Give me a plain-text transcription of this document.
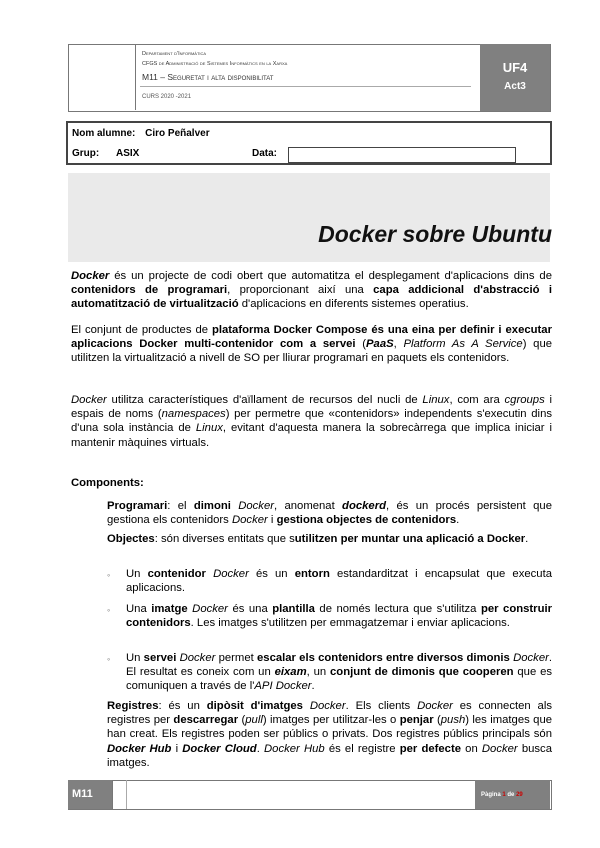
Departament d'Informàtica
CFGS de Administració de Sistemes Informàtics en la Xarxa
M11 – Seguretat i alta disponibilitat
CURS 2020 -2021
UF4
Act3
Nom alumne: Ciro Peñalver
Grup: ASIX	Data:
Docker sobre Ubuntu
Docker és un projecte de codi obert que automatitza el desplegament d'aplicacions dins de contenidors de programari, proporcionant així una capa addicional d'abstracció i automatització de virtualització d'aplicacions en diferents sistemes operatius.
El conjunt de productes de plataforma Docker Compose és una eina per definir i executar aplicacions Docker multi-contenidor com a servei (PaaS, Platform As A Service) que utilitzen la virtualització a nivell de SO per lliurar programari en paquets els contenidors.
Docker utilitza característiques d'aïllament de recursos del nucli de Linux, com ara cgroups i espais de noms (namespaces) per permetre que «contenidors» independents s'executin dins d'una sola instància de Linux, evitant d'aquesta manera la sobrecàrrega que implica iniciar i mantenir màquines virtuals.
Components:
Programari: el dimoni Docker, anomenat dockerd, és un procés persistent que gestiona els contenidors Docker i gestiona objectes de contenidors.
Objectes: són diverses entitats que sutilitzen per muntar una aplicació a Docker.
◦ Un contenidor Docker és un entorn estandarditzat i encapsulat que executa aplicacions.
◦ Una imatge Docker és una plantilla de només lectura que s'utilitza per construir contenidors. Les imatges s'utilitzen per emmagatzemar i enviar aplicacions.
◦ Un servei Docker permet escalar els contenidors entre diversos dimonis Docker. El resultat es coneix com un eixam, un conjunt de dimonis que cooperen que es comuniquen a través de l'API Docker.
Registres: és un dipòsit d'imatges Docker. Els clients Docker es connecten als registres per descarregar (pull) imatges per utilitzar-les o penjar (push) les imatges que han creat. Els registres poden ser públics o privats. Dos registres públics principals són Docker Hub i Docker Cloud. Docker Hub és el registre per defecte on Docker busca imatges.
M11	Pàgina 1 de 29
